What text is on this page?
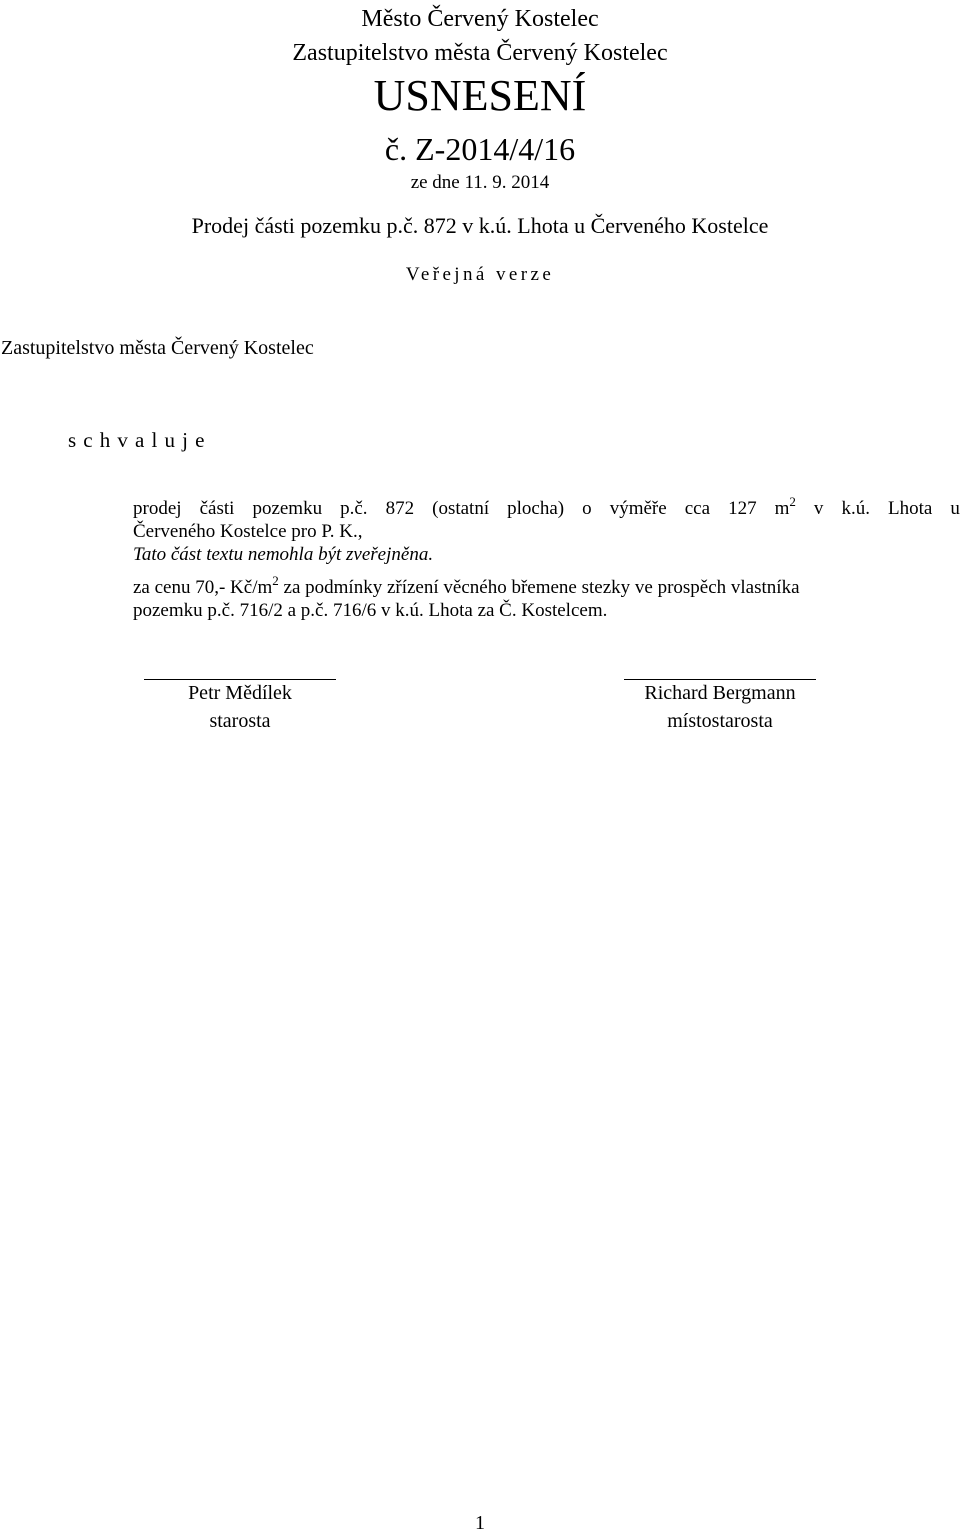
Město Červený Kostelec
Zastupitelstvo města Červený Kostelec
USNESENÍ
č. Z-2014/4/16
ze dne 11. 9. 2014
Prodej části pozemku p.č. 872 v k.ú. Lhota u Červeného Kostelce
Veřejná verze
Zastupitelstvo města Červený Kostelec
schvaluje
prodej části pozemku p.č. 872 (ostatní plocha) o výměře cca 127 $m^2$ v k.ú. Lhota u
Červeného Kostelce pro P. K.,
Tato část textu nemohla být zveřejněna.
za cenu 70,- $Kč/m^2$ za podmínky zřízení věcného břemene stezky ve prospěch vlastníka
pozemku p.č. 716/2 a p.č. 716/6 v k.ú. Lhota za Č. Kostelcem.
Petr Mědílek
starosta
Richard Bergmann
místostarosta
1
